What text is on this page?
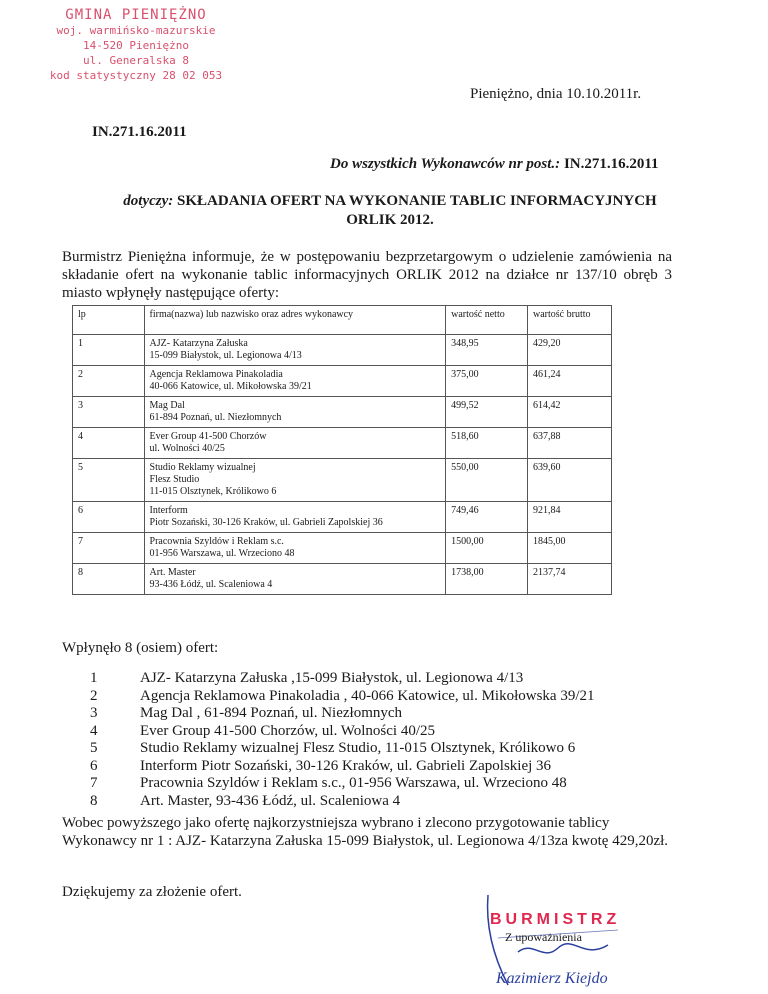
GMINA PIENIĘŻNO
woj. warmińsko-mazurskie
14-520 Pieniężno
ul. Generalska 8
kod statystyczny 28 02 053
Pieniężno, dnia 10.10.2011r.
IN.271.16.2011
Do wszystkich Wykonawców nr post.: IN.271.16.2011
dotyczy: SKŁADANIA OFERT NA WYKONANIE TABLIC INFORMACYJNYCH ORLIK 2012.
Burmistrz Pieniężna informuje, że w postępowaniu bezprzetargowym o udzielenie zamówienia na składanie ofert na wykonanie tablic informacyjnych ORLIK 2012 na działce nr 137/10 obręb 3 miasto wpłynęły następujące oferty:
lp	firma(nazwa) lub nazwisko oraz adres wykonawcy	wartość netto	wartość brutto
1	AJZ- Katarzyna Załuska
15-099 Białystok, ul. Legionowa 4/13	348,95	429,20
2	Agencja Reklamowa Pinakoladia
40-066 Katowice, ul. Mikołowska 39/21	375,00	461,24
3	Mag Dal
61-894 Poznań, ul. Niezłomnych	499,52	614,42
4	Ever Group 41-500 Chorzów
ul. Wolności 40/25	518,60	637,88
5	Studio Reklamy wizualnej
Flesz Studio
11-015 Olsztynek, Królikowo 6	550,00	639,60
6	Interform
Piotr Sozański, 30-126 Kraków, ul. Gabrieli Zapolskiej 36	749,46	921,84
7	Pracownia Szyldów i Reklam s.c.
01-956 Warszawa, ul. Wrzeciono 48	1500,00	1845,00
8	Art. Master
93-436 Łódź, ul. Scaleniowa 4	1738,00	2137,74
Wpłynęło 8 (osiem) ofert:
1	AJZ- Katarzyna Załuska ,15-099 Białystok, ul. Legionowa 4/13
2	Agencja Reklamowa Pinakoladia , 40-066 Katowice, ul. Mikołowska 39/21
3	Mag Dal , 61-894 Poznań, ul. Niezłomnych
4	Ever Group 41-500 Chorzów, ul. Wolności 40/25
5	Studio Reklamy wizualnej Flesz Studio, 11-015 Olsztynek, Królikowo 6
6	Interform Piotr Sozański, 30-126 Kraków, ul. Gabrieli Zapolskiej 36
7	Pracownia Szyldów i Reklam s.c., 01-956 Warszawa, ul. Wrzeciono 48
8	Art. Master, 93-436 Łódź, ul. Scaleniowa 4
Wobec powyższego jako ofertę najkorzystniejsza wybrano i zlecono przygotowanie tablicy Wykonawcy nr 1 : AJZ- Katarzyna Załuska 15-099 Białystok, ul. Legionowa 4/13za kwotę 429,20zł.
Dziękujemy za złożenie ofert.
BURMISTRZ
Z upoważnienia
Kazimierz Kiejdo
